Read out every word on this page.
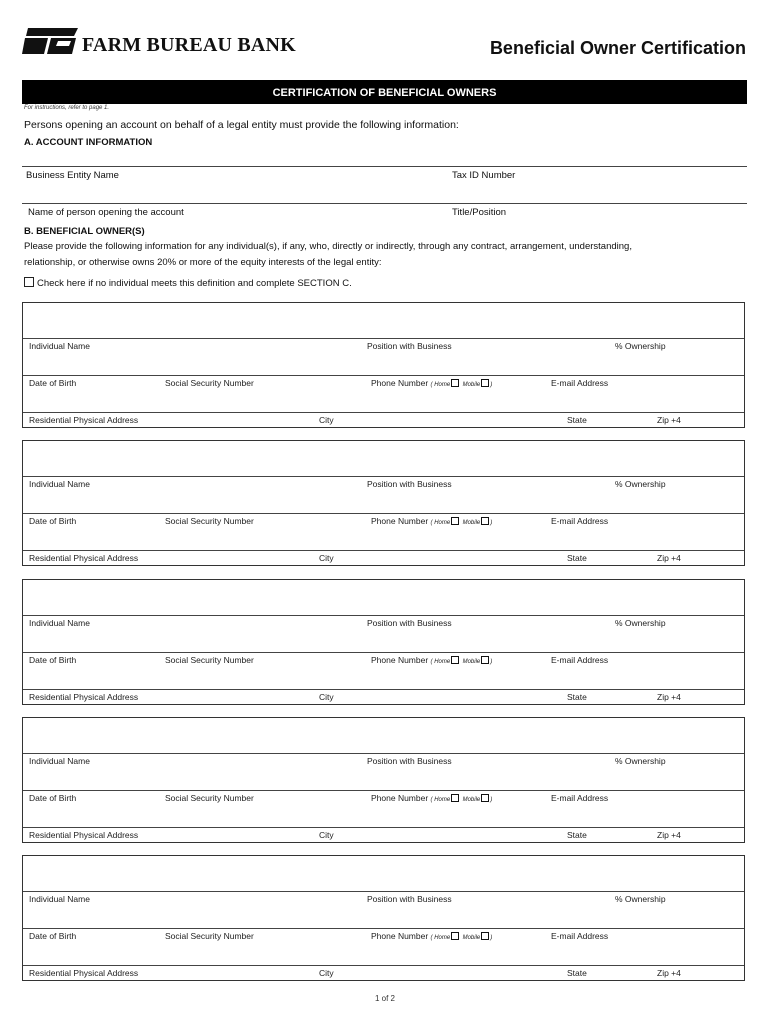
FARM BUREAU BANK	Beneficial Owner Certification
CERTIFICATION OF BENEFICIAL OWNERS
For instructions, refer to page 1.
Persons opening an account on behalf of a legal entity must provide the following information:
A. ACCOUNT INFORMATION
Business Entity Name	Tax ID Number
Name of person opening the account	Title/Position
B. BENEFICIAL OWNER(S)
Please provide the following information for any individual(s), if any, who, directly or indirectly, through any contract, arrangement, understanding,
relationship, or otherwise owns 20% or more of the equity interests of the legal entity:
Check here if no individual meets this definition and complete SECTION C.
Individual Name	Position with Business	% Ownership
Date of Birth	Social Security Number	Phone Number ( Home Mobile )	E-mail Address
Residential Physical Address	City	State	Zip +4
Individual Name	Position with Business	% Ownership
Date of Birth	Social Security Number	Phone Number ( Home Mobile )	E-mail Address
Residential Physical Address	City	State	Zip +4
Individual Name	Position with Business	% Ownership
Date of Birth	Social Security Number	Phone Number ( Home Mobile )	E-mail Address
Residential Physical Address	City	State	Zip +4
Individual Name	Position with Business	% Ownership
Date of Birth	Social Security Number	Phone Number ( Home Mobile )	E-mail Address
Residential Physical Address	City	State	Zip +4
Individual Name	Position with Business	% Ownership
Date of Birth	Social Security Number	Phone Number ( Home Mobile )	E-mail Address
Residential Physical Address	City	State	Zip +4
1 of 2
